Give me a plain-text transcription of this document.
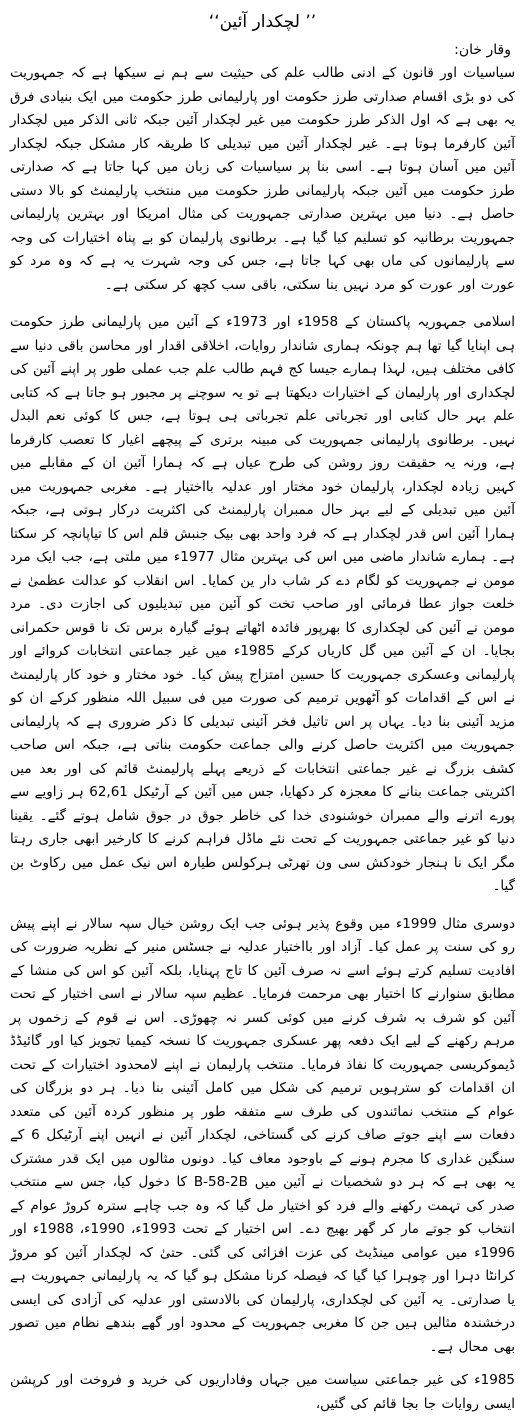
’’ لچکدار آئین‘‘
وقار خان:

سیاسیات اور قانون کے ادنی طالب علم کی حیثیت سے ہم نے سیکھا ہے کہ جمہوریت کی دو بڑی اقسام صدارتی طرز حکومت اور پارلیمانی طرز حکومت میں ایک بنیادی فرق یہ بھی ہے کہ اول الذکر طرز حکومت میں غیر لچکدار آئین جبکہ ثانی الذکر میں لچکدار آئین کارفرما ہوتا ہے۔ غیر لچکدار آئین میں تبدیلی کا طریقہ کار مشکل جبکہ لچکدار آئین میں آسان ہوتا ہے۔ اسی بنا پر سیاسیات کی زبان میں کہا جاتا ہے کہ صدارتی طرز حکومت میں آئین جبکہ پارلیمانی طرز حکومت میں منتخب پارلیمنٹ کو بالا دستی حاصل ہے۔ دنیا میں بہترین صدارتی جمہوریت کی مثال امریکا اور بہترین پارلیمانی جمہوریت برطانیہ کو تسلیم کیا گیا ہے۔ برطانوی پارلیمان کو بے پناہ اختیارات کی وجہ سے پارلیمانوں کی ماں بھی کہا جاتا ہے، جس کی وجہ شہرت یہ ہے کہ وہ مرد کو عورت اور عورت کو مرد نہیں بنا سکتی، باقی سب کچھ کر سکتی ہے۔

اسلامی جمہوریہ پاکستان کے 1958ء اور 1973ء کے آئین میں پارلیمانی طرز حکومت ہی اپنایا گیا تھا ہم چونکہ ہماری شاندار روایات، اخلاقی اقدار اور محاسن باقی دنیا سے کافی مختلف ہیں، لہذا ہمارے جیسا کج فہم طالب علم جب عملی طور پر اپنے آئین کی لچکداری اور پارلیمان کے اختیارات دیکھتا ہے تو یہ سوچنے پر مجبور ہو جاتا ہے کہ کتابی علم بہر حال کتابی اور تجرباتی علم تجرباتی ہی ہوتا ہے، جس کا کوئی نعم البدل نہیں۔ برطانوی پارلیمانی جمہوریت کی مبینہ برتری کے پیچھے اغیار کا تعصب کارفرما ہے، ورنہ یہ حقیقت روز روشن کی طرح عیاں ہے کہ ہمارا آئین ان کے مقابلے میں کہیں زیادہ لچکدار، پارلیمان خود مختار اور عدلیہ بااختیار ہے۔ مغربی جمہوریت میں آئین میں تبدیلی کے لیے بہر حال ممبران پارلیمنٹ کی اکثریت درکار ہوتی ہے، جبکہ ہمارا آئین اس قدر لچکدار ہے کہ فرد واحد بھی بیک جنبش قلم اس کا تیاپانچہ کر سکتا ہے۔ ہمارے شاندار ماضی میں اس کی بہترین مثال 1977ء میں ملتی ہے، جب ایک مرد مومن نے جمہوریت کو لگام دے کر شاب دار ین کمایا۔ اس انقلاب کو عدالت عظمیٰ نے خلعت جواز عطا فرمائی اور صاحب تخت کو آئین میں تبدیلیوں کی اجازت دی۔ مرد مومن نے آئین کی لچکداری کا بھرپور فائدہ اٹھاتے ہوئے گیارہ برس تک نا قوس حکمرانی بجایا۔ ان کے آئین میں گل کاریاں کرکے 1985ء میں غیر جماعتی انتخابات کروائے اور پارلیمانی وعسکری جمہوریت کا حسین امتزاج پیش کیا۔ خود مختار و خود کار پارلیمنٹ نے اس کے اقدامات کو آٹھویں ترمیم کی صورت میں فی سبیل اللہ منظور کرکے ان کو مزید آئینی بنا دیا۔ یہاں پر اس تاثیل فخر آئینی تبدیلی کا ذکر ضروری ہے کہ پارلیمانی جمہوریت میں اکثریت حاصل کرنے والی جماعت حکومت بناتی ہے، جبکہ اس صاحب کشف بزرگ نے غیر جماعتی انتخابات کے ذریعے پہلے پارلیمنٹ قائم کی اور بعد میں اکثریتی جماعت بنانے کا معجزہ کر دکھایا، جس میں آئین کے آرٹیکل 62,61 ہر زاویے سے پورے اترنے والے ممبران خوشنودی خدا کی خاطر جوق در جوق شامل ہوتے گئے۔ یقینا دنیا کو غیر جماعتی جمہوریت کے تحت نئے ماڈل فراہم کرنے کا کارخیر ابھی جاری رہتا مگر ایک نا ہنجار خودکش سی ون تھرٹی ہرکولس طیارہ اس نیک عمل میں رکاوٹ بن گیا۔

دوسری مثال 1999ء میں وقوع پذیر ہوئی جب ایک روشن خیال سپہ سالار نے اپنے پیش رو کی سنت پر عمل کیا۔ آزاد اور بااختیار عدلیہ نے جسٹس منیر کے نظریہ ضرورت کی افادیت تسلیم کرتے ہوئے اسے نہ صرف آئین کا تاج پہنایا، بلکہ آئین کو اس کی منشا کے مطابق سنوارنے کا اختیار بھی مرحمت فرمایا۔ عظیم سپہ سالار نے اسی اختیار کے تحت آئین کو شرف بہ شرف کرنے میں کوئی کسر نہ چھوڑی۔ اس نے قوم کے زخموں پر مرہم رکھنے کے لیے ایک دفعہ پھر عسکری جمہوریت کا نسخہ کیمیا تجویز کیا اور گائیڈڈ ڈیموکریسی جمہوریت کا نفاذ فرمایا۔ منتخب پارلیمان نے اپنے لامحدود اختیارات کے تحت ان اقدامات کو سترہویں ترمیم کی شکل میں کامل آئینی بنا دیا۔ ہر دو بزرگان کی عوام کے منتخب نمائندوں کی طرف سے متفقہ طور پر منظور کردہ آئین کی متعدد دفعات سے اپنے جوتے صاف کرنے کی گستاخی، لچکدار آئین نے انہیں اپنے آرٹیکل 6 کے سنگین غداری کا مجرم ہونے کے باوجود معاف کیا۔ دونوں مثالوں میں ایک قدر مشترک یہ بھی ہے کہ ہر دو شخصیات نے آئین میں B-58-2B کا دخول کیا، جس سے منتخب صدر کی تہمت رکھنے والے فرد کو اختیار مل گیا کہ وہ جب چاہے سترہ کروڑ عوام کے انتخاب کو جوتے مار کر گھر بھیج دے۔ اس اختیار کے تحت 1993ء، 1990ء، 1988ء اور 1996ء میں عوامی مینڈیٹ کی عزت افزائی کی گئی۔ حتیٰ کہ لچکدار آئین کو مروڑ کرانٹا دہرا اور چوہرا کیا گیا کہ فیصلہ کرنا مشکل ہو گیا کہ یہ پارلیمانی جمہوریت ہے یا صدارتی۔ یہ آئین کی لچکداری، پارلیمان کی بالادستی اور عدلیہ کی آزادی کی ایسی درخشندہ مثالیں ہیں جن کا مغربی جمہوریت کے محدود اور گھے بندھے نظام میں تصور بھی محال ہے۔

1985ء کی غیر جماعتی سیاست میں جہاں وفاداریوں کی خرید و فروخت اور کرپشن ایسی روایات جا بجا قائم کی گئیں،
